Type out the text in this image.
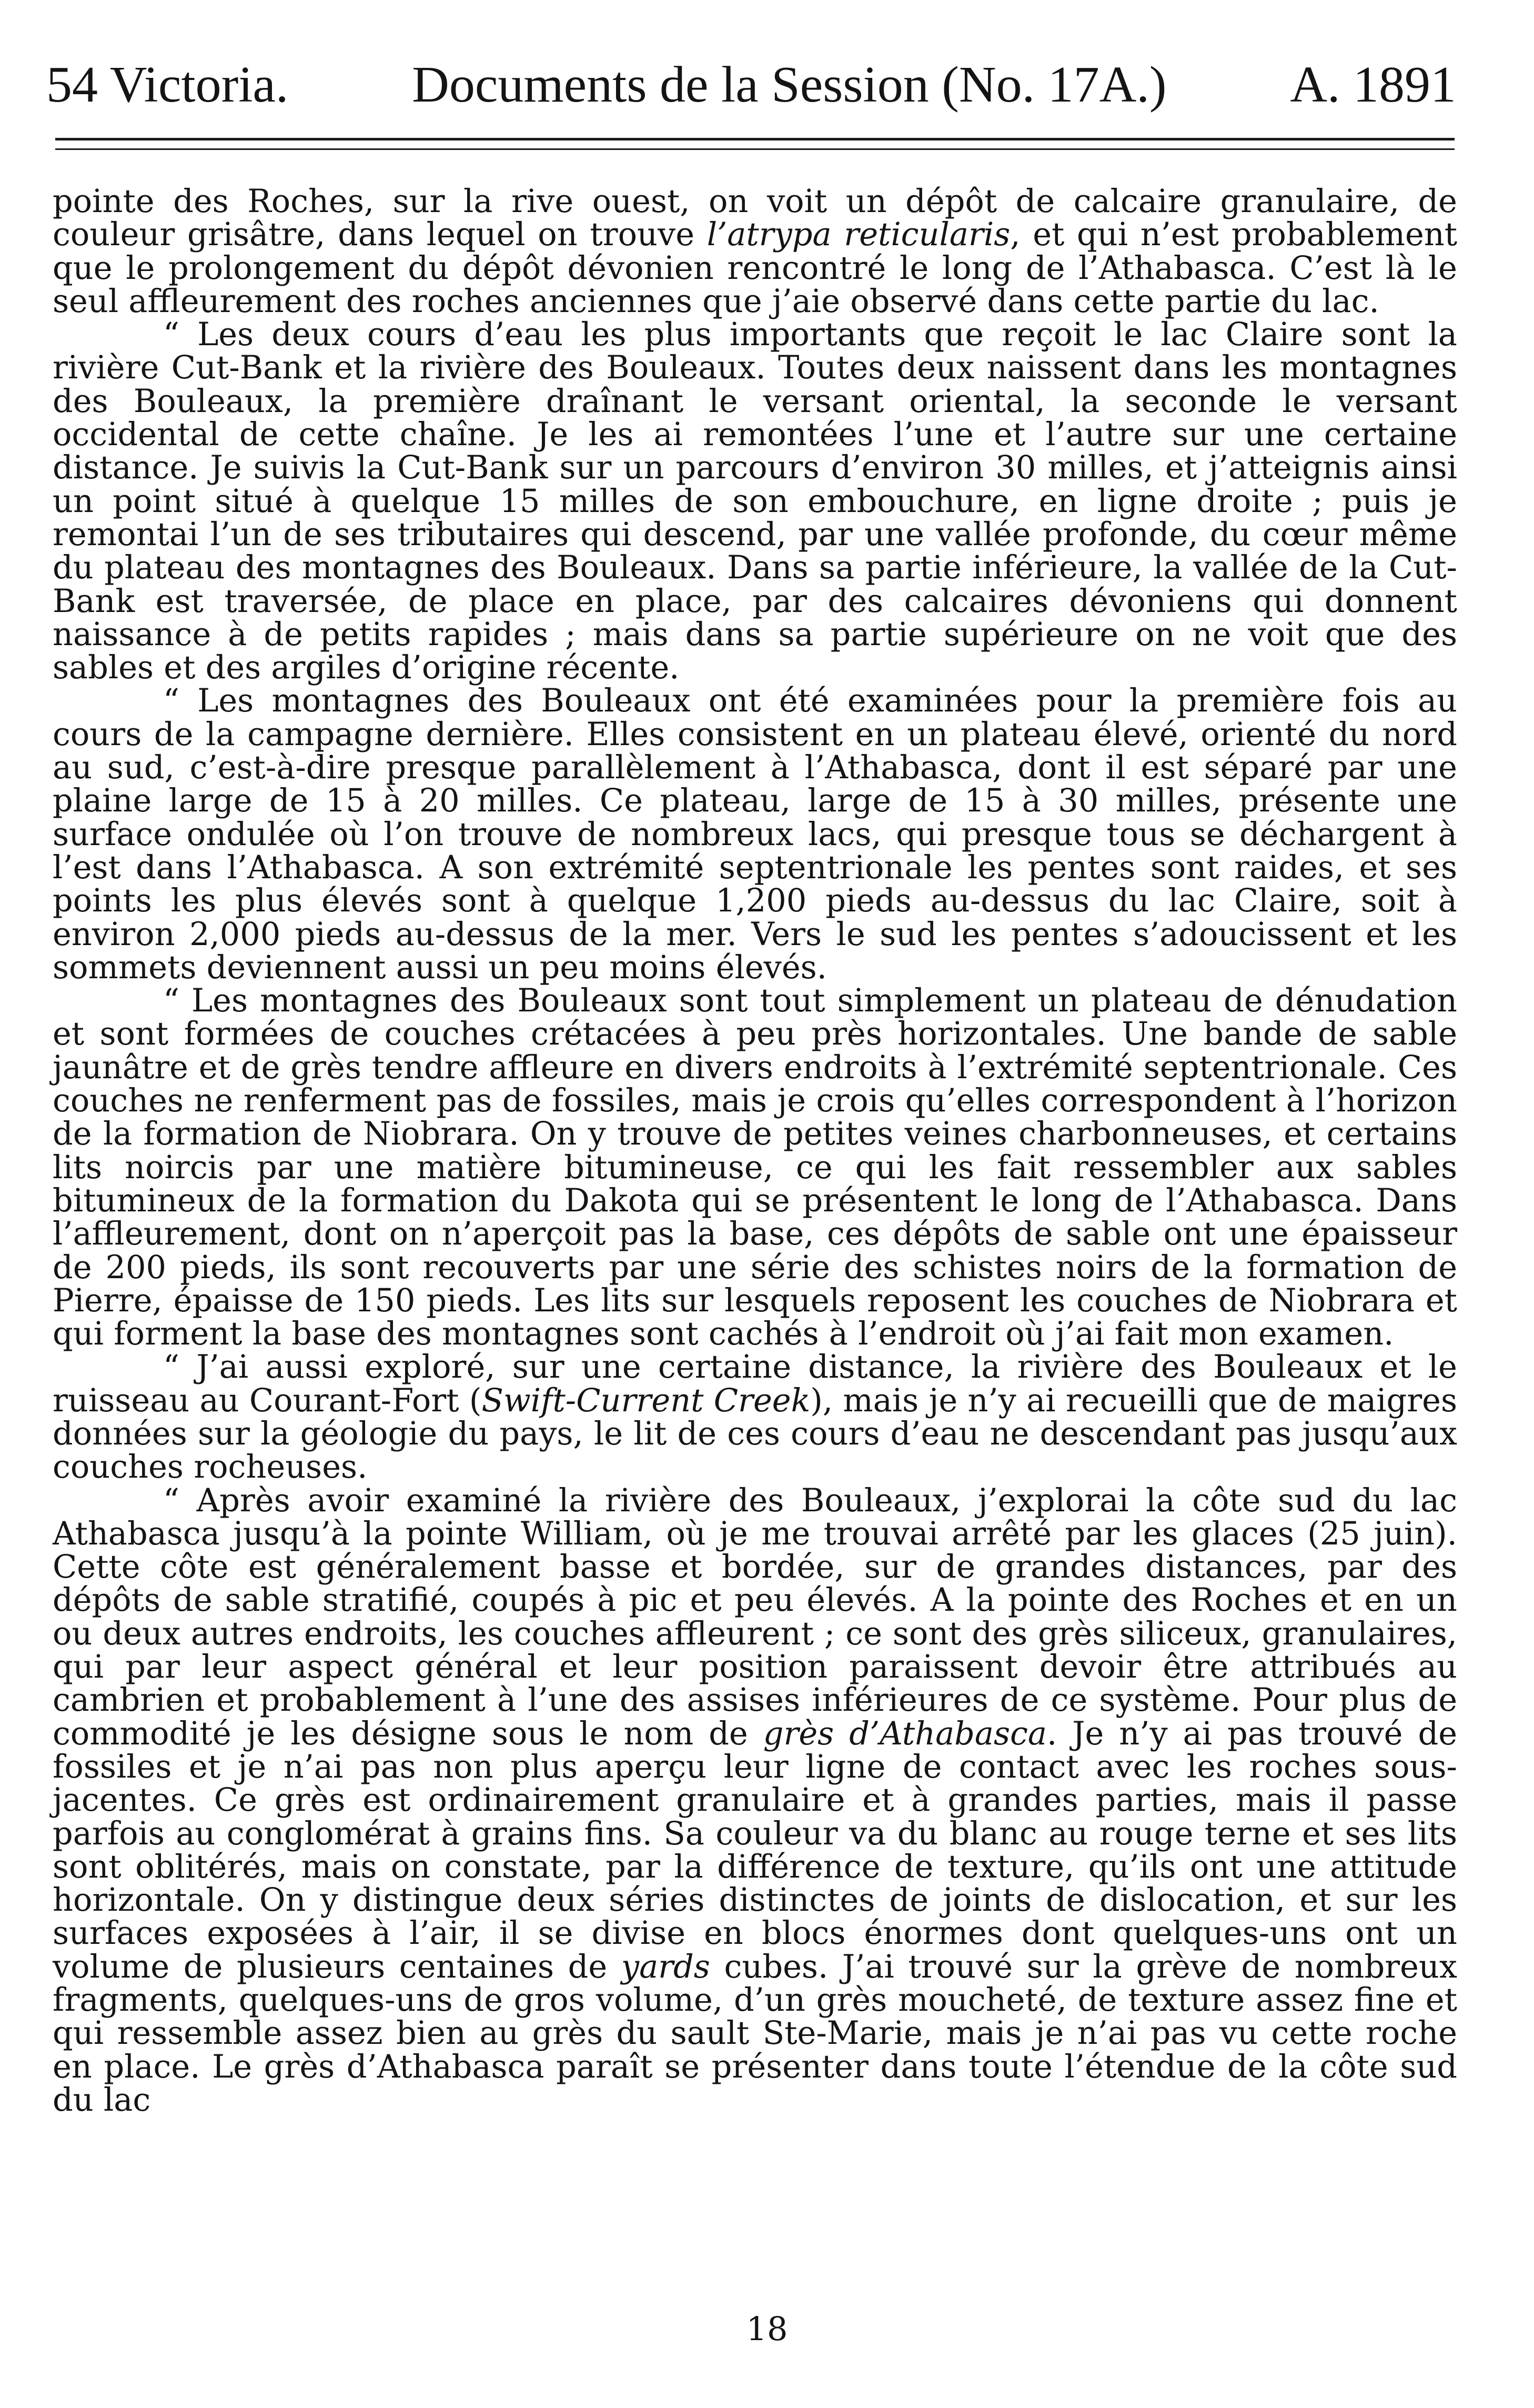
54 Victoria. Documents de la Session (No. 17A.) A. 1891

pointe des Roches, sur la rive ouest, on voit un dépôt de calcaire granulaire, de couleur grisâtre, dans lequel on trouve l’atrypa reticularis, et qui n’est probablement que le prolongement du dépôt dévonien rencontré le long de l’Athabasca. C’est là le seul affleurement des roches anciennes que j’aie observé dans cette partie du lac.

“ Les deux cours d’eau les plus importants que reçoit le lac Claire sont la rivière Cut-Bank et la rivière des Bouleaux. Toutes deux naissent dans les montagnes des Bouleaux, la première draînant le versant oriental, la seconde le versant occidental de cette chaîne. Je les ai remontées l’une et l’autre sur une certaine distance. Je suivis la Cut-Bank sur un parcours d’environ 30 milles, et j’atteignis ainsi un point situé à quelque 15 milles de son embouchure, en ligne droite ; puis je remontai l’un de ses tributaires qui descend, par une vallée profonde, du cœur même du plateau des montagnes des Bouleaux. Dans sa partie inférieure, la vallée de la Cut-Bank est traversée, de place en place, par des calcaires dévoniens qui donnent naissance à de petits rapides ; mais dans sa partie supérieure on ne voit que des sables et des argiles d’origine récente.

“ Les montagnes des Bouleaux ont été examinées pour la première fois au cours de la campagne dernière. Elles consistent en un plateau élevé, orienté du nord au sud, c’est-à-dire presque parallèlement à l’Athabasca, dont il est séparé par une plaine large de 15 à 20 milles. Ce plateau, large de 15 à 30 milles, présente une surface ondulée où l’on trouve de nombreux lacs, qui presque tous se déchargent à l’est dans l’Athabasca. A son extrémité septentrionale les pentes sont raides, et ses points les plus élevés sont à quelque 1,200 pieds au-dessus du lac Claire, soit à environ 2,000 pieds au-dessus de la mer. Vers le sud les pentes s’adoucissent et les sommets deviennent aussi un peu moins élevés.

“ Les montagnes des Bouleaux sont tout simplement un plateau de dénudation et sont formées de couches crétacées à peu près horizontales. Une bande de sable jaunâtre et de grès tendre affleure en divers endroits à l’extrémité septentrionale. Ces couches ne renferment pas de fossiles, mais je crois qu’elles correspondent à l’horizon de la formation de Niobrara. On y trouve de petites veines charbonneuses, et certains lits noircis par une matière bitumineuse, ce qui les fait ressembler aux sables bitumineux de la formation du Dakota qui se présentent le long de l’Athabasca. Dans l’affleurement, dont on n’aperçoit pas la base, ces dépôts de sable ont une épaisseur de 200 pieds, ils sont recouverts par une série des schistes noirs de la formation de Pierre, épaisse de 150 pieds. Les lits sur lesquels reposent les couches de Niobrara et qui forment la base des montagnes sont cachés à l’endroit où j’ai fait mon examen.

“ J’ai aussi exploré, sur une certaine distance, la rivière des Bouleaux et le ruisseau au Courant-Fort (Swift-Current Creek), mais je n’y ai recueilli que de maigres données sur la géologie du pays, le lit de ces cours d’eau ne descendant pas jusqu’aux couches rocheuses.

“ Après avoir examiné la rivière des Bouleaux, j’explorai la côte sud du lac Athabasca jusqu’à la pointe William, où je me trouvai arrêté par les glaces (25 juin). Cette côte est généralement basse et bordée, sur de grandes distances, par des dépôts de sable stratifié, coupés à pic et peu élevés. A la pointe des Roches et en un ou deux autres endroits, les couches affleurent ; ce sont des grès siliceux, granulaires, qui par leur aspect général et leur position paraissent devoir être attribués au cambrien et probablement à l’une des assises inférieures de ce système. Pour plus de commodité je les désigne sous le nom de grès d’Athabasca. Je n’y ai pas trouvé de fossiles et je n’ai pas non plus aperçu leur ligne de contact avec les roches sous-jacentes. Ce grès est ordinairement granulaire et à grandes parties, mais il passe parfois au conglomérat à grains fins. Sa couleur va du blanc au rouge terne et ses lits sont oblitérés, mais on constate, par la différence de texture, qu’ils ont une attitude horizontale. On y distingue deux séries distinctes de joints de dislocation, et sur les surfaces exposées à l’air, il se divise en blocs énormes dont quelques-uns ont un volume de plusieurs centaines de yards cubes. J’ai trouvé sur la grève de nombreux fragments, quelques-uns de gros volume, d’un grès moucheté, de texture assez fine et qui ressemble assez bien au grès du sault Ste-Marie, mais je n’ai pas vu cette roche en place. Le grès d’Athabasca paraît se présenter dans toute l’étendue de la côte sud du lac

18
